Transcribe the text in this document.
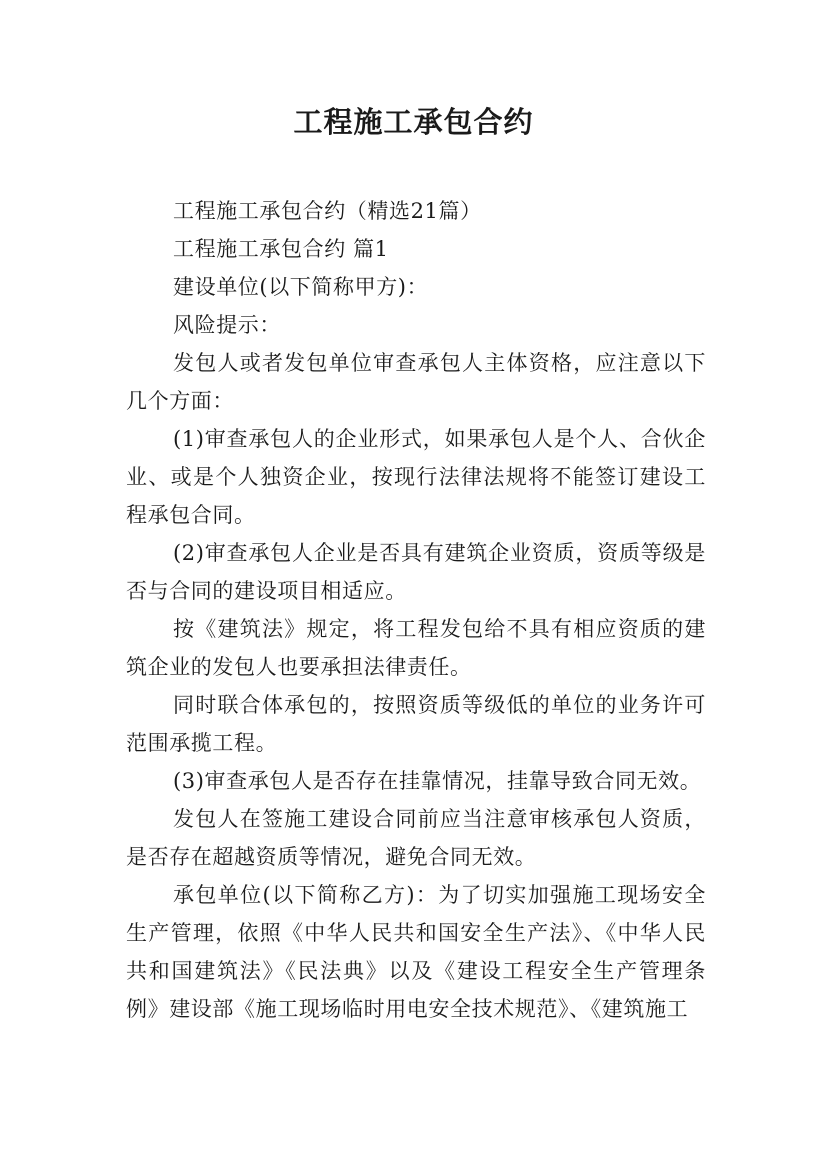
工程施工承包合约

工程施工承包合约（精选21篇）

工程施工承包合约 篇1

建设单位(以下简称甲方)：

风险提示：

发包人或者发包单位审查承包人主体资格，应注意以下几个方面：

(1)审查承包人的企业形式，如果承包人是个人、合伙企业、或是个人独资企业，按现行法律法规将不能签订建设工程承包合同。

(2)审查承包人企业是否具有建筑企业资质，资质等级是否与合同的建设项目相适应。

按《建筑法》规定，将工程发包给不具有相应资质的建筑企业的发包人也要承担法律责任。

同时联合体承包的，按照资质等级低的单位的业务许可范围承揽工程。

(3)审查承包人是否存在挂靠情况，挂靠导致合同无效。

发包人在签施工建设合同前应当注意审核承包人资质，是否存在超越资质等情况，避免合同无效。

承包单位(以下简称乙方)：为了切实加强施工现场安全生产管理，依照《中华人民共和国安全生产法》、《中华人民共和国建筑法》《民法典》以及《建设工程安全生产管理条例》建设部《施工现场临时用电安全技术规范》、《建筑施工
